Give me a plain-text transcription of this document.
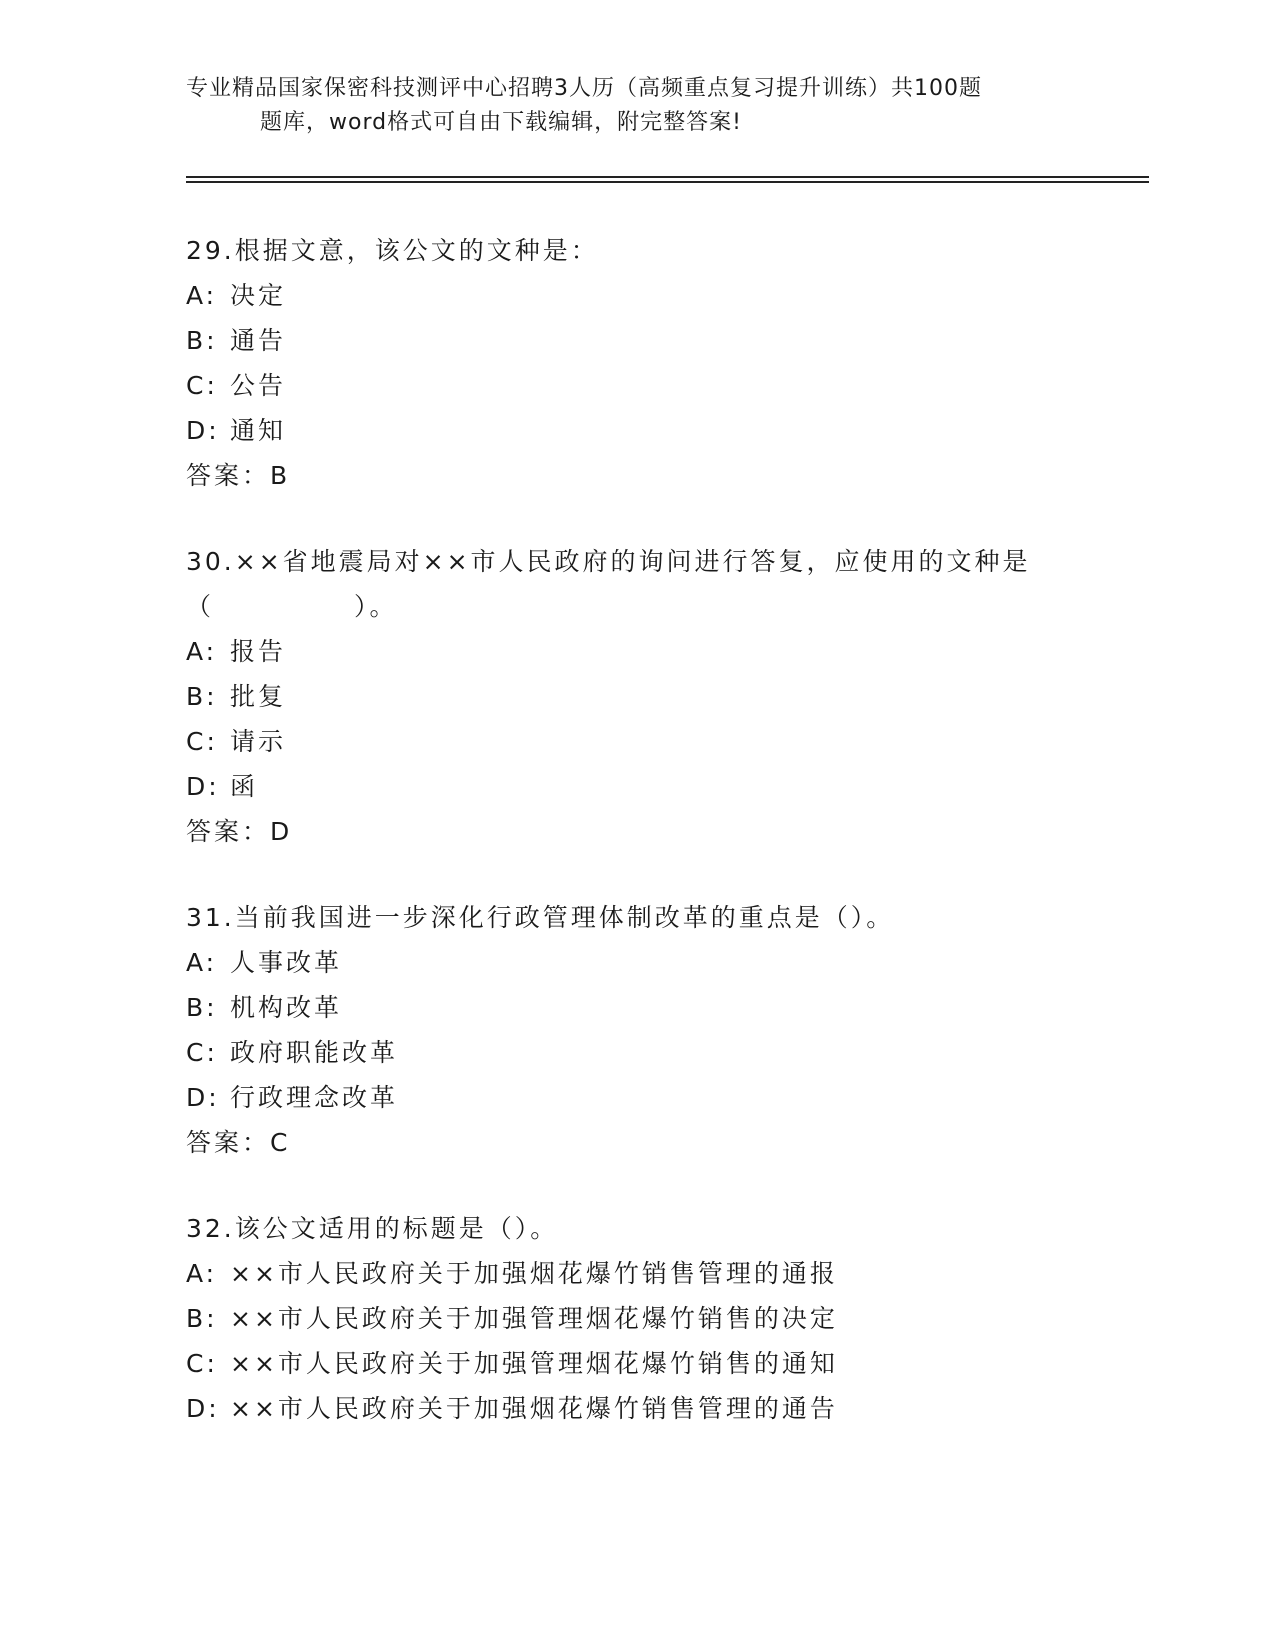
专业精品国家保密科技测评中心招聘3人历（高频重点复习提升训练）共100题
题库，word格式可自由下载编辑，附完整答案!
29.根据文意，该公文的文种是：
A: 决定
B: 通告
C: 公告
D: 通知
答案：B
30.××省地震局对××市人民政府的询问进行答复，应使用的文种是
（　　　　　）。
A: 报告
B: 批复
C: 请示
D: 函
答案：D
31.当前我国进一步深化行政管理体制改革的重点是（）。
A: 人事改革
B: 机构改革
C: 政府职能改革
D: 行政理念改革
答案：C
32.该公文适用的标题是（）。
A: ××市人民政府关于加强烟花爆竹销售管理的通报
B: ××市人民政府关于加强管理烟花爆竹销售的决定
C: ××市人民政府关于加强管理烟花爆竹销售的通知
D: ××市人民政府关于加强烟花爆竹销售管理的通告
